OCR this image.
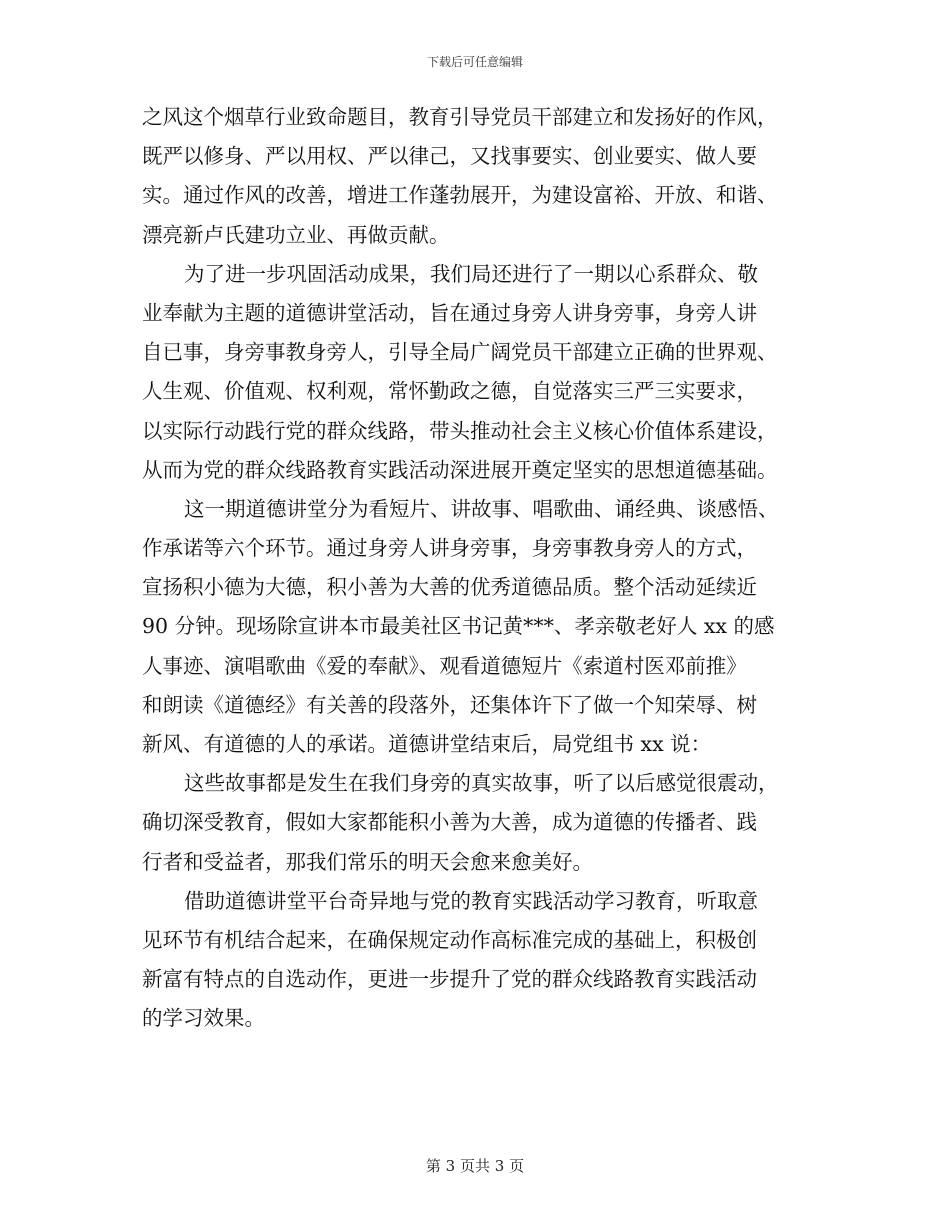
下载后可任意编辑
之风这个烟草行业致命题目，教育引导党员干部建立和发扬好的作风，
既严以修身、严以用权、严以律己，又找事要实、创业要实、做人要
实。通过作风的改善，增进工作蓬勃展开，为建设富裕、开放、和谐、
漂亮新卢氏建功立业、再做贡献。
为了进一步巩固活动成果，我们局还进行了一期以心系群众、敬
业奉献为主题的道德讲堂活动，旨在通过身旁人讲身旁事，身旁人讲
自已事，身旁事教身旁人，引导全局广阔党员干部建立正确的世界观、
人生观、价值观、权利观，常怀勤政之德，自觉落实三严三实要求，
以实际行动践行党的群众线路，带头推动社会主义核心价值体系建设，
从而为党的群众线路教育实践活动深进展开奠定坚实的思想道德基础。
这一期道德讲堂分为看短片、讲故事、唱歌曲、诵经典、谈感悟、
作承诺等六个环节。通过身旁人讲身旁事，身旁事教身旁人的方式，
宣扬积小德为大德，积小善为大善的优秀道德品质。整个活动延续近
90 分钟。现场除宣讲本市最美社区书记黄***、孝亲敬老好人 xx 的感
人事迹、演唱歌曲《爱的奉献》、观看道德短片《索道村医邓前推》
和朗读《道德经》有关善的段落外，还集体许下了做一个知荣辱、树
新风、有道德的人的承诺。道德讲堂结束后，局党组书 xx 说：
这些故事都是发生在我们身旁的真实故事，听了以后感觉很震动，
确切深受教育，假如大家都能积小善为大善，成为道德的传播者、践
行者和受益者，那我们常乐的明天会愈来愈美好。
借助道德讲堂平台奇异地与党的教育实践活动学习教育，听取意
见环节有机结合起来，在确保规定动作高标准完成的基础上，积极创
新富有特点的自选动作，更进一步提升了党的群众线路教育实践活动
的学习效果。
第 3 页共 3 页
